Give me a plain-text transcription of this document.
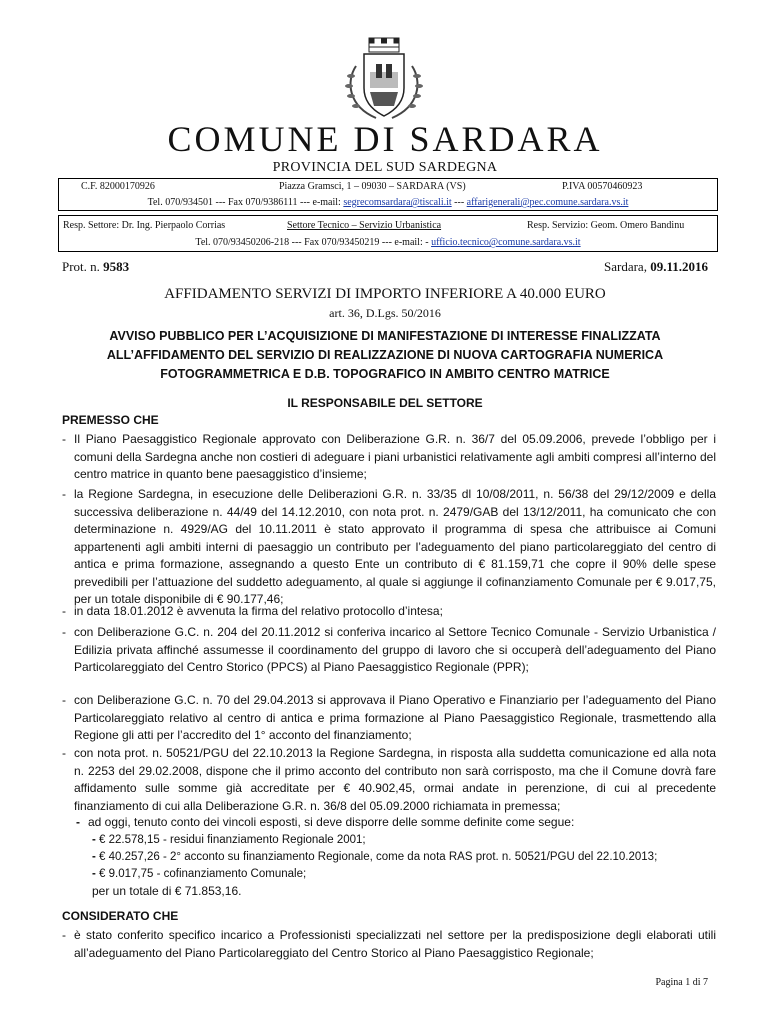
COMUNE DI SARDARA
PROVINCIA DEL SUD SARDEGNA
C.F. 82000170926	Piazza Gramsci, 1 – 09030 – SARDARA (VS)	P.IVA 00570460923
Tel. 070/934501 --- Fax 070/9386111 --- e-mail: segrecomsardara@tiscali.it --- affarigenerali@pec.comune.sardara.vs.it
Resp. Settore: Dr. Ing. Pierpaolo Corrias	Settore Tecnico – Servizio Urbanistica	Resp. Servizio: Geom. Omero Bandinu
Tel. 070/93450206-218 --- Fax 070/93450219 --- e-mail: - ufficio.tecnico@comune.sardara.vs.it
Prot. n. 9583	Sardara, 09.11.2016
AFFIDAMENTO SERVIZI DI IMPORTO INFERIORE A 40.000 EURO
art. 36, D.Lgs. 50/2016
AVVISO PUBBLICO PER L’ACQUISIZIONE DI MANIFESTAZIONE DI INTERESSE FINALIZZATA
ALL’AFFIDAMENTO DEL SERVIZIO DI REALIZZAZIONE DI NUOVA CARTOGRAFIA NUMERICA
FOTOGRAMMETRICA E D.B. TOPOGRAFICO IN AMBITO CENTRO MATRICE
IL RESPONSABILE DEL SETTORE
PREMESSO CHE
- Il Piano Paesaggistico Regionale approvato con Deliberazione G.R. n. 36/7 del 05.09.2006, prevede l’obbligo per i comuni della Sardegna anche non costieri di adeguare i piani urbanistici relativamente agli ambiti compresi all’interno del centro matrice in quanto bene paesaggistico d’insieme;
- la Regione Sardegna, in esecuzione delle Deliberazioni G.R. n. 33/35 dl 10/08/2011, n. 56/38 del 29/12/2009 e della successiva deliberazione n. 44/49 del 14.12.2010, con nota prot. n. 2479/GAB del 13/12/2011, ha comunicato che con determinazione n. 4929/AG del 10.11.2011 è stato approvato il programma di spesa che attribuisce ai Comuni appartenenti agli ambiti interni di paesaggio un contributo per l’adeguamento del piano particolareggiato del centro di antica e prima formazione, assegnando a questo Ente un contributo di € 81.159,71 che copre il 90% delle spese prevedibili per l’attuazione del suddetto adeguamento, al quale si aggiunge il cofinanziamento Comunale per € 9.017,75, per un totale disponibile di € 90.177,46;
- in data 18.01.2012 è avvenuta la firma del relativo protocollo d’intesa;
- con Deliberazione G.C. n. 204 del 20.11.2012 si conferiva incarico al Settore Tecnico Comunale - Servizio Urbanistica / Edilizia privata affinché assumesse il coordinamento del gruppo di lavoro che si occuperà dell’adeguamento del Piano Particolareggiato del Centro Storico (PPCS) al Piano Paesaggistico Regionale (PPR);
- con Deliberazione G.C. n. 70 del 29.04.2013 si approvava il Piano Operativo e Finanziario per l’adeguamento del Piano Particolareggiato relativo al centro di antica e prima formazione al Piano Paesaggistico Regionale, trasmettendo alla Regione gli atti per l’accredito del 1° acconto del finanziamento;
- con nota prot. n. 50521/PGU del 22.10.2013 la Regione Sardegna, in risposta alla suddetta comunicazione ed alla nota n. 2253 del 29.02.2008, dispone che il primo acconto del contributo non sarà corrisposto, ma che il Comune dovrà fare affidamento sulle somme già accreditate per € 40.902,45, ormai andate in perenzione, di cui al precedente finanziamento di cui alla Deliberazione G.R. n. 36/8 del 05.09.2000 richiamata in premessa;
- ad oggi, tenuto conto dei vincoli esposti, si deve disporre delle somme definite come segue:
- € 22.578,15 - residui finanziamento Regionale 2001;
- € 40.257,26 - 2° acconto su finanziamento Regionale, come da nota RAS prot. n. 50521/PGU del 22.10.2013;
- € 9.017,75 - cofinanziamento Comunale;
per un totale di € 71.853,16.
CONSIDERATO CHE
- è stato conferito specifico incarico a Professionisti specializzati nel settore per la predisposizione degli elaborati utili all’adeguamento del Piano Particolareggiato del Centro Storico al Piano Paesaggistico Regionale;
Pagina 1 di 7
